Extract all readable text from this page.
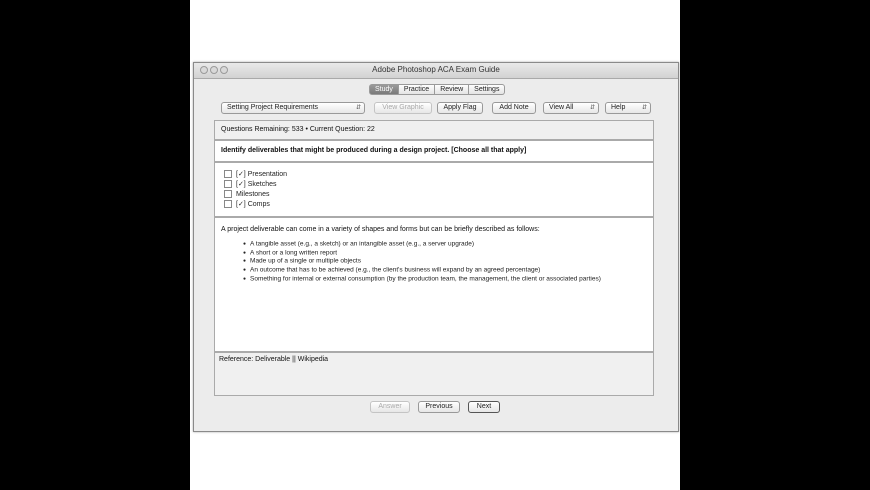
Adobe Photoshop ACA Exam Guide
Study	Practice	Review	Settings
Setting Project Requirements	⇵	View Graphic	Apply Flag	Add Note	View All	⇵	Help	⇵
Questions Remaining: 533 • Current Question: 22
Identify deliverables that might be produced during a design project. [Choose all that apply]
[✓] Presentation
[✓] Sketches
Milestones
[✓] Comps
A project deliverable can come in a variety of shapes and forms but can be briefly described as follows:
● A tangible asset (e.g., a sketch) or an intangible asset (e.g., a server upgrade)
● A short or a long written report
● Made up of a single or multiple objects
● An outcome that has to be achieved (e.g., the client's business will expand by an agreed percentage)
● Something for internal or external consumption (by the production team, the management, the client or associated parties)
Reference: Deliverable || Wikipedia
Answer	Previous	Next
